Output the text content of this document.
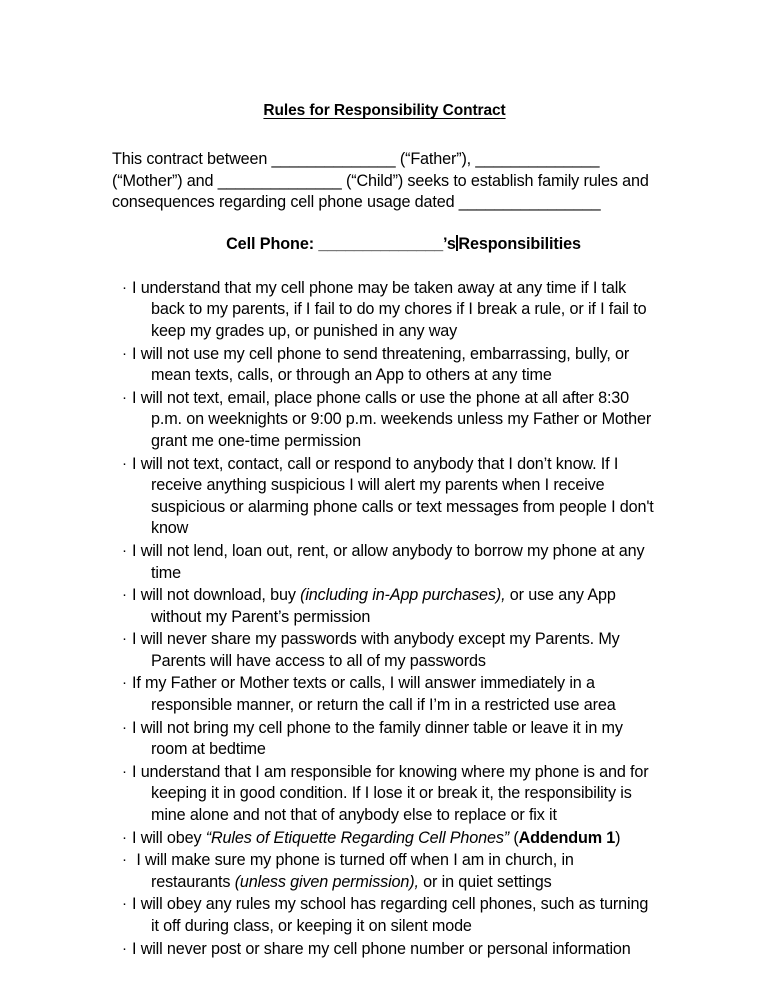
Rules for Responsibility Contract

This contract between ______________ (“Father”), ______________ (“Mother”) and ______________ (“Child”) seeks to establish family rules and consequences regarding cell phone usage dated ________________

Cell Phone: ______________’s Responsibilities

· I understand that my cell phone may be taken away at any time if I talk back to my parents, if I fail to do my chores if I break a rule, or if I fail to keep my grades up, or punished in any way
· I will not use my cell phone to send threatening, embarrassing, bully, or mean texts, calls, or through an App to others at any time
· I will not text, email, place phone calls or use the phone at all after 8:30 p.m. on weeknights or 9:00 p.m. weekends unless my Father or Mother grant me one-time permission
· I will not text, contact, call or respond to anybody that I don’t know. If I receive anything suspicious I will alert my parents when I receive suspicious or alarming phone calls or text messages from people I don't know
· I will not lend, loan out, rent, or allow anybody to borrow my phone at any time
· I will not download, buy (including in-App purchases), or use any App without my Parent’s permission
· I will never share my passwords with anybody except my Parents. My Parents will have access to all of my passwords
· If my Father or Mother texts or calls, I will answer immediately in a responsible manner, or return the call if I’m in a restricted use area
· I will not bring my cell phone to the family dinner table or leave it in my room at bedtime
· I understand that I am responsible for knowing where my phone is and for keeping it in good condition. If I lose it or break it, the responsibility is mine alone and not that of anybody else to replace or fix it
· I will obey “Rules of Etiquette Regarding Cell Phones” (Addendum 1)
· I will make sure my phone is turned off when I am in church, in restaurants (unless given permission), or in quiet settings
· I will obey any rules my school has regarding cell phones, such as turning it off during class, or keeping it on silent mode
· I will never post or share my cell phone number or personal information
